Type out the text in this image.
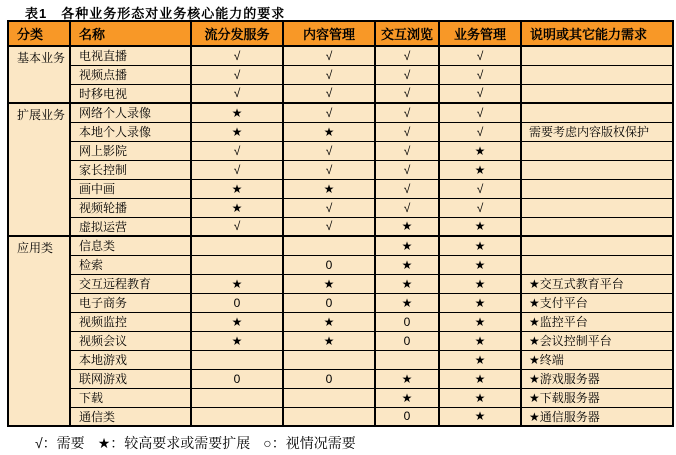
表1　各种业务形态对业务核心能力的要求
分类	名称	流分发服务	内容管理	交互浏览	业务管理	说明或其它能力需求
基本业务	电视直播	√	√	√	√	
	视频点播	√	√	√	√	
	时移电视	√	√	√	√	
扩展业务	网络个人录像	★	√	√	√	
	本地个人录像	★	★	√	√	需要考虑内容版权保护
	网上影院	√	√	√	★	
	家长控制	√	√	√	★	
	画中画	★	★	√	√	
	视频轮播	★	√	√	√	
	虚拟运营	√	√	★	★	
应用类	信息类			★	★	
	检索		0	★	★	
	交互远程教育	★	★	★	★	★交互式教育平台
	电子商务	0	0	★	★	★支付平台
	视频监控	★	★	0	★	★监控平台
	视频会议	★	★	0	★	★会议控制平台
	本地游戏				★	★终端
	联网游戏	0	0	★	★	★游戏服务器
	下载			★	★	★下载服务器
	通信类			0	★	★通信服务器
√：需要 ★：较高要求或需要扩展 ○：视情况需要
